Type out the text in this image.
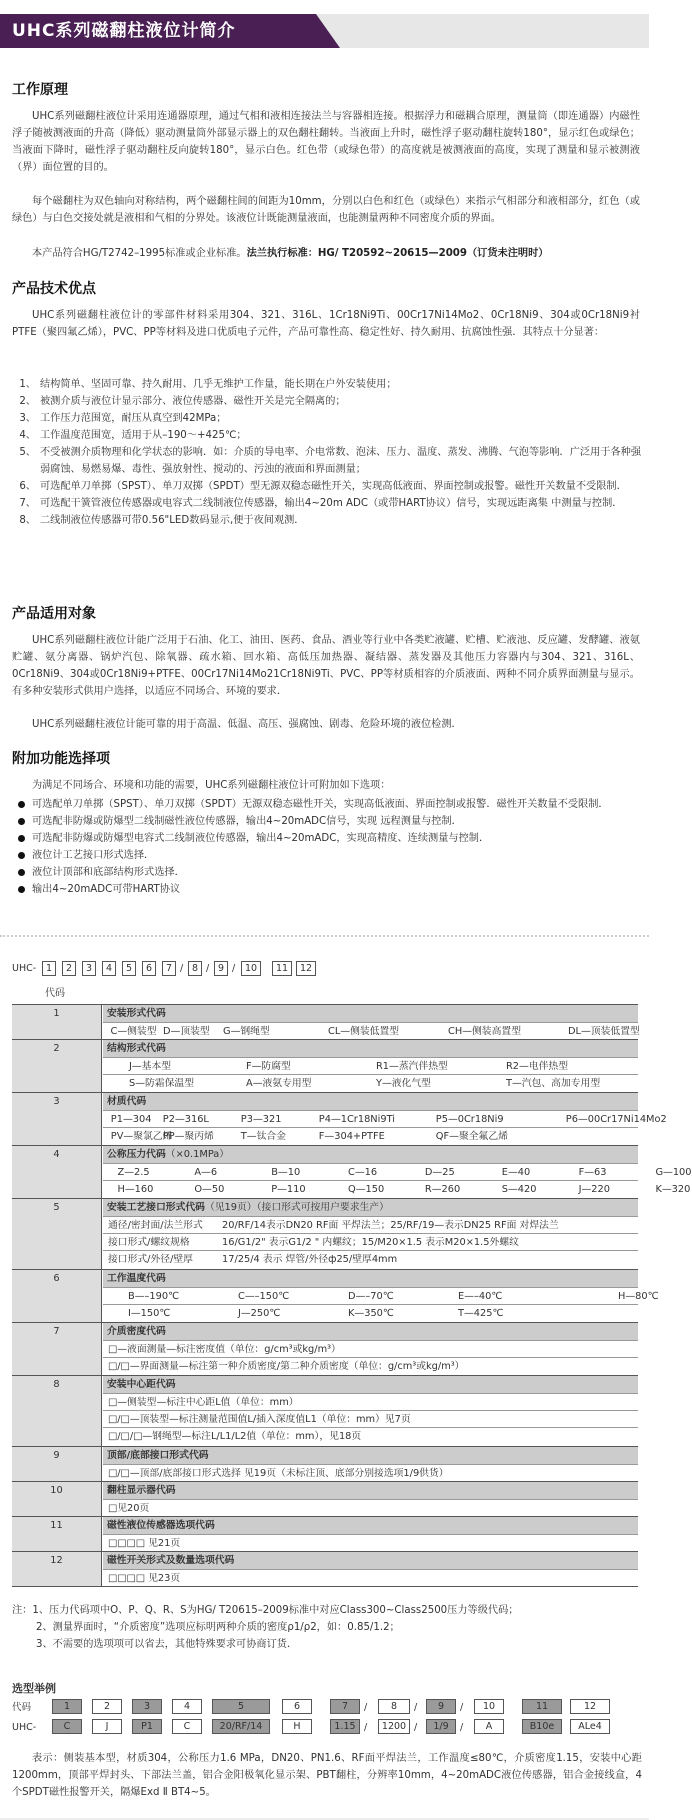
UHC系列磁翻柱液位计简介
工作原理
UHC系列磁翻柱液位计采用连通器原理，通过气相和液相连接法兰与容器相连接。根据浮力和磁耦合原理，测量筒（即连通器）内磁性浮子随被测液面的升高（降低）驱动测量筒外部显示器上的双色翻柱翻转。当液面上升时，磁性浮子驱动翻柱旋转180°，显示红色或绿色；当液面下降时，磁性浮子驱动翻柱反向旋转180°，显示白色。红色带（或绿色带）的高度就是被测液面的高度，实现了测量和显示被测液（界）面位置的目的。
每个磁翻柱为双色轴向对称结构，两个磁翻柱间的间距为10mm，分别以白色和红色（或绿色）来指示气相部分和液相部分，红色（或绿色）与白色交接处就是液相和气相的分界处。该液位计既能测量液面，也能测量两种不同密度介质的界面。
本产品符合HG/T2742–1995标准或企业标准。法兰执行标准：HG/ T20592~20615—2009（订货未注明时）
产品技术优点
UHC系列磁翻柱液位计的零部件材料采用304、321、316L、1Cr18Ni9Ti、00Cr17Ni14Mo2、0Cr18Ni9、304或0Cr18Ni9衬PTFE（聚四氟乙烯），PVC、PP等材料及进口优质电子元件，产品可靠性高、稳定性好、持久耐用、抗腐蚀性强．其特点十分显著：
1、 结构简单、坚固可靠、持久耐用、几乎无维护工作量，能长期在户外安装使用；
2、 被测介质与液位计显示部分、液位传感器、磁性开关是完全隔离的；
3、 工作压力范围宽，耐压从真空到42MPa；
4、 工作温度范围宽，适用于从–190～+425℃；
5、 不受被测介质物理和化学状态的影响．如：介质的导电率、介电常数、泡沫、压力、温度、蒸发、沸腾、气泡等影响．广泛用于各种强弱腐蚀、易燃易爆、毒性、强放射性、搅动的、污浊的液面和界面测量；
6、 可选配单刀单掷（SPST）、单刀双掷（SPDT）型无源双稳态磁性开关，实现高低液面、界面控制或报警。磁性开关数量不受限制．
7、 可选配干簧管液位传感器或电容式二线制液位传感器，输出4~20m ADC（或带HART协议）信号，实现远距离集 中测量与控制．
8、 二线制液位传感器可带0.56"LED数码显示,便于夜间观测．
产品适用对象
UHC系列磁翻柱液位计能广泛用于石油、化工、油田、医药、食品、酒业等行业中各类贮液罐、贮槽、贮液池、反应罐、发酵罐、液氨贮罐、氨分离器、锅炉汽包、除氧器、疏水箱、回水箱、高低压加热器、凝结器、蒸发器及其他压力容器内与304、321、316L、0Cr18Ni9、304或0Cr18Ni9+PTFE、00Cr17Ni14Mo21Cr18Ni9Ti、PVC、PP等材质相容的介质液面、两种不同介质界面测量与显示。有多种安装形式供用户选择，以适应不同场合、环境的要求．
UHC系列磁翻柱液位计能可靠的用于高温、低温、高压、强腐蚀、剧毒、危险环境的液位检测．
附加功能选择项
为满足不同场合、环境和功能的需要，UHC系列磁翻柱液位计可附加如下选项：
可选配单刀单掷（SPST）、单刀双掷（SPDT）无源双稳态磁性开关，实现高低液面、界面控制或报警．磁性开关数量不受限制．
可选配非防爆或防爆型二线制磁性液位传感器，输出4~20mADC信号，实现 远程测量与控制．
可选配非防爆或防爆型电容式二线制液位传感器，输出4~20mADC，实现高精度、连续测量与控制．
液位计工艺接口形式选择．
液位计顶部和底部结构形式选择．
输出4~20mADC可带HART协议
UHC-	1	2	3	4	5	6	7 / 8 / 9 /	10	11	12
代码
1	安装形式代码
C—侧装型 D—顶装型 G—钢绳型	CL—侧装低置型	CH—侧装高置型	DL—顶装低置型
2	结构形式代码
J—基本型	F—防腐型	R1—蒸汽伴热型	R2—电伴热型
S—防霜保温型	A—液氨专用型	Y—液化气型	T—汽包、高加专用型
3	材质代码
P1—304 P2—316L	P3—321	P4—1Cr18Ni9Ti	P5—0Cr18Ni9	P6—00Cr17Ni14Mo2
PV—聚氯乙烯
PP—聚丙烯	T—钛合金	F—304+PTFE	QF—聚全氟乙烯
4	公称压力代码（×0.1MPa）
Z—2.5	A—6	B—10	C—16	D—25	E—40	F—63	G—100
H—160	O—50	P—110	Q—150	R—260	S—420	J—220	K—320
5	安装工艺接口形式代码（见19页）（接口形式可按用户要求生产）
通径/密封面/法兰形式 20/RF/14表示DN20 RF面 平焊法兰；25/RF/19—表示DN25 RF面 对焊法兰
接口形式/螺纹规格	16/G1/2" 表示G1/2 " 内螺纹；15/M20×1.5 表示M20×1.5外螺纹
接口形式/外径/壁厚	17/25/4 表示 焊管/外径ф25/壁厚4mm
6	工作温度代码
B—–190℃	C—–150℃	D—–70℃	E—–40℃	H—80℃
I—150℃	J—250℃	K—350℃	T—425℃
7	介质密度代码
□—液面测量—标注密度值（单位：g/cm³或kg/m³）
□/□—界面测量—标注第一种介质密度/第二种介质密度（单位：g/cm³或kg/m³）
8	安装中心距代码
□—侧装型—标注中心距L值（单位：mm）
□/□—顶装型—标注测量范围值L/插入深度值L1（单位：mm）见7页
□/□/□—钢绳型—标注L/L1/L2值（单位：mm），见18页
9	顶部/底部接口形式代码
□/□—顶部/底部接口形式选择 见19页（未标注顶、底部分别接选项1/9供货）
10	翻柱显示器代码
□见20页
11	磁性液位传感器选项代码
□□□□ 见21页
12	磁性开关形式及数量选项代码
□□□□ 见23页
注：1、压力代码项中O、P、Q、R、S为HG/ T20615–2009标准中对应Class300~Class2500压力等级代码；
2、测量界面时，“介质密度”选项应标明两种介质的密度ρ1/ρ2，如：0.85/1.2；
3、不需要的选项项可以省去，其他特殊要求可协商订货．
选型举例
代码	1	2	3	4	5	6	7	/	8	/	9	/	10	11	12
UHC-	C	J	P1	C	20/RF/14	H	1.15 /	1200 /	1/9	/	A	B10e	ALe4
表示：侧装基本型，材质304，公称压力1.6 MPa，DN20、PN1.6、RF面平焊法兰，工作温度≤80℃，介质密度1.15，安装中心距1200mm，顶部平焊封头、下部法兰盖，铝合金阳极氧化显示架、PBT翻柱，分辨率10mm，4~20mADC液位传感器，铝合金接线盒，4个SPDT磁性报警开关，隔爆Exd Ⅱ BT4~5。
